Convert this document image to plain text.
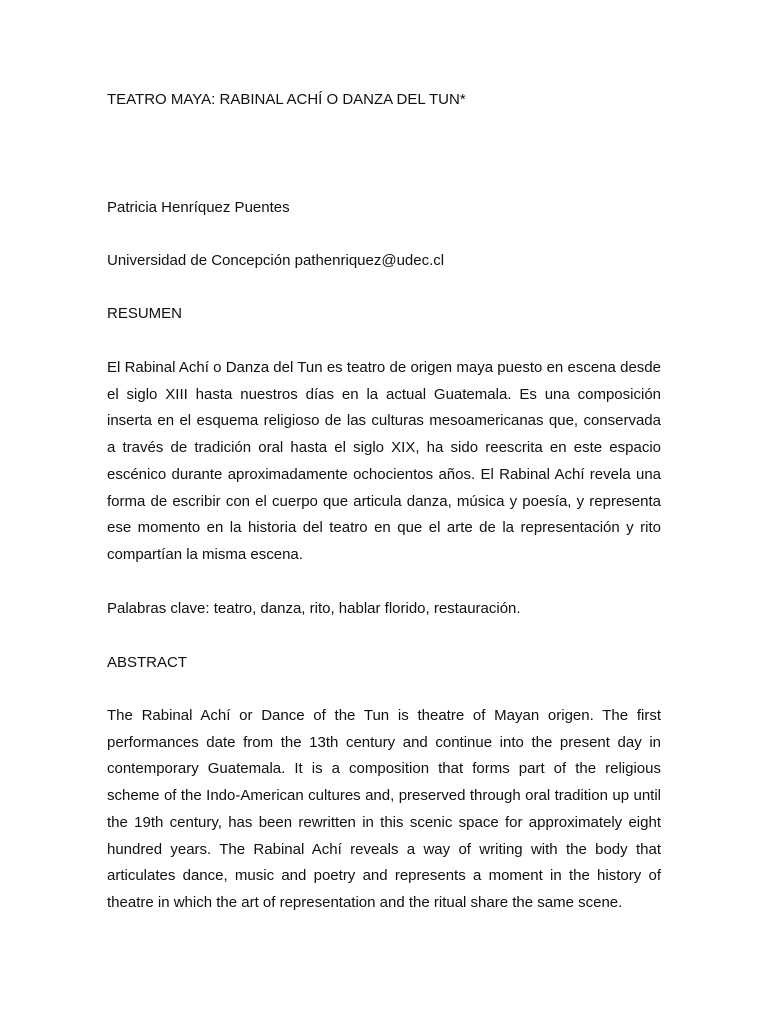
TEATRO MAYA: RABINAL ACHÍ O DANZA DEL TUN*
Patricia Henríquez Puentes
Universidad de Concepción pathenriquez@udec.cl
RESUMEN
El Rabinal Achí o Danza del Tun es teatro de origen maya puesto en escena desde el siglo XIII hasta nuestros días en la actual Guatemala. Es una composición inserta en el esquema religioso de las culturas mesoamericanas que, conservada a través de tradición oral hasta el siglo XIX, ha sido reescrita en este espacio escénico durante aproximadamente ochocientos años. El Rabinal Achí revela una forma de escribir con el cuerpo que articula danza, música y poesía, y representa ese momento en la historia del teatro en que el arte de la representación y rito compartían la misma escena.
Palabras clave: teatro, danza, rito, hablar florido, restauración.
ABSTRACT
The Rabinal Achí or Dance of the Tun is theatre of Mayan origen. The first performances date from the 13th century and continue into the present day in contemporary Guatemala. It is a composition that forms part of the religious scheme of the Indo-American cultures and, preserved through oral tradition up until the 19th century, has been rewritten in this scenic space for approximately eight hundred years. The Rabinal Achí reveals a way of writing with the body that articulates dance, music and poetry and represents a moment in the history of theatre in which the art of representation and the ritual share the same scene.
